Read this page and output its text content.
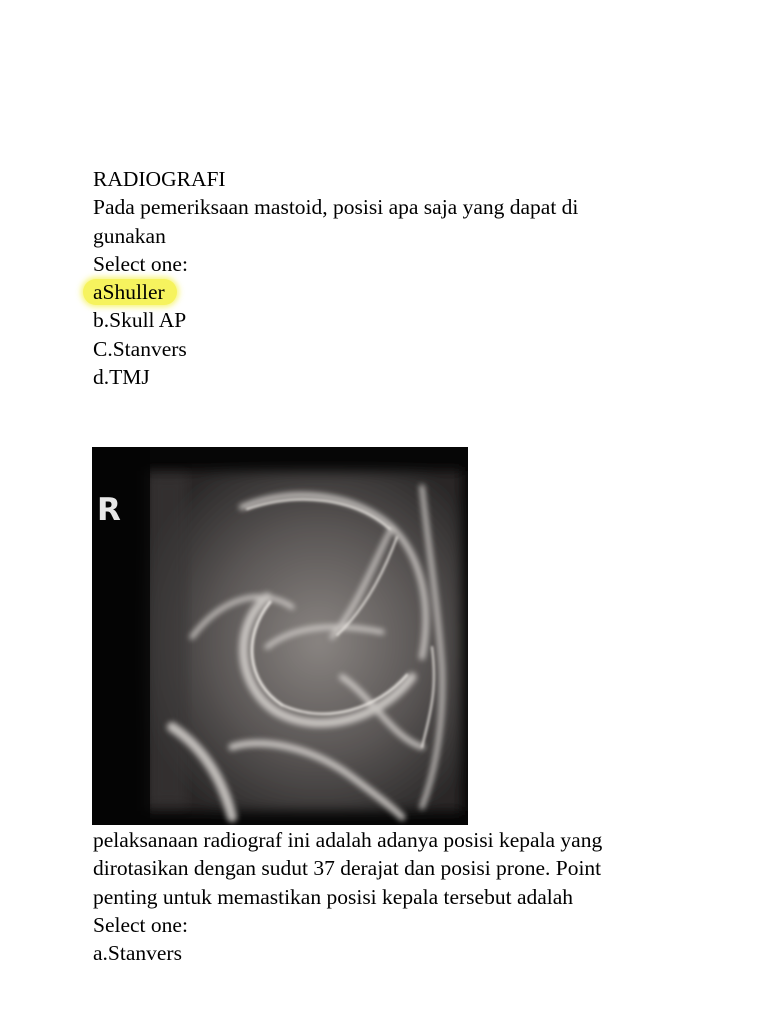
RADIOGRAFI
Pada pemeriksaan mastoid, posisi apa saja yang dapat di
gunakan
Select one:
aShuller
b.Skull AP
C.Stanvers
d.TMJ
R
pelaksanaan radiograf ini adalah adanya posisi kepala yang
dirotasikan dengan sudut 37 derajat dan posisi prone. Point
penting untuk memastikan posisi kepala tersebut adalah
Select one:
a.Stanvers
